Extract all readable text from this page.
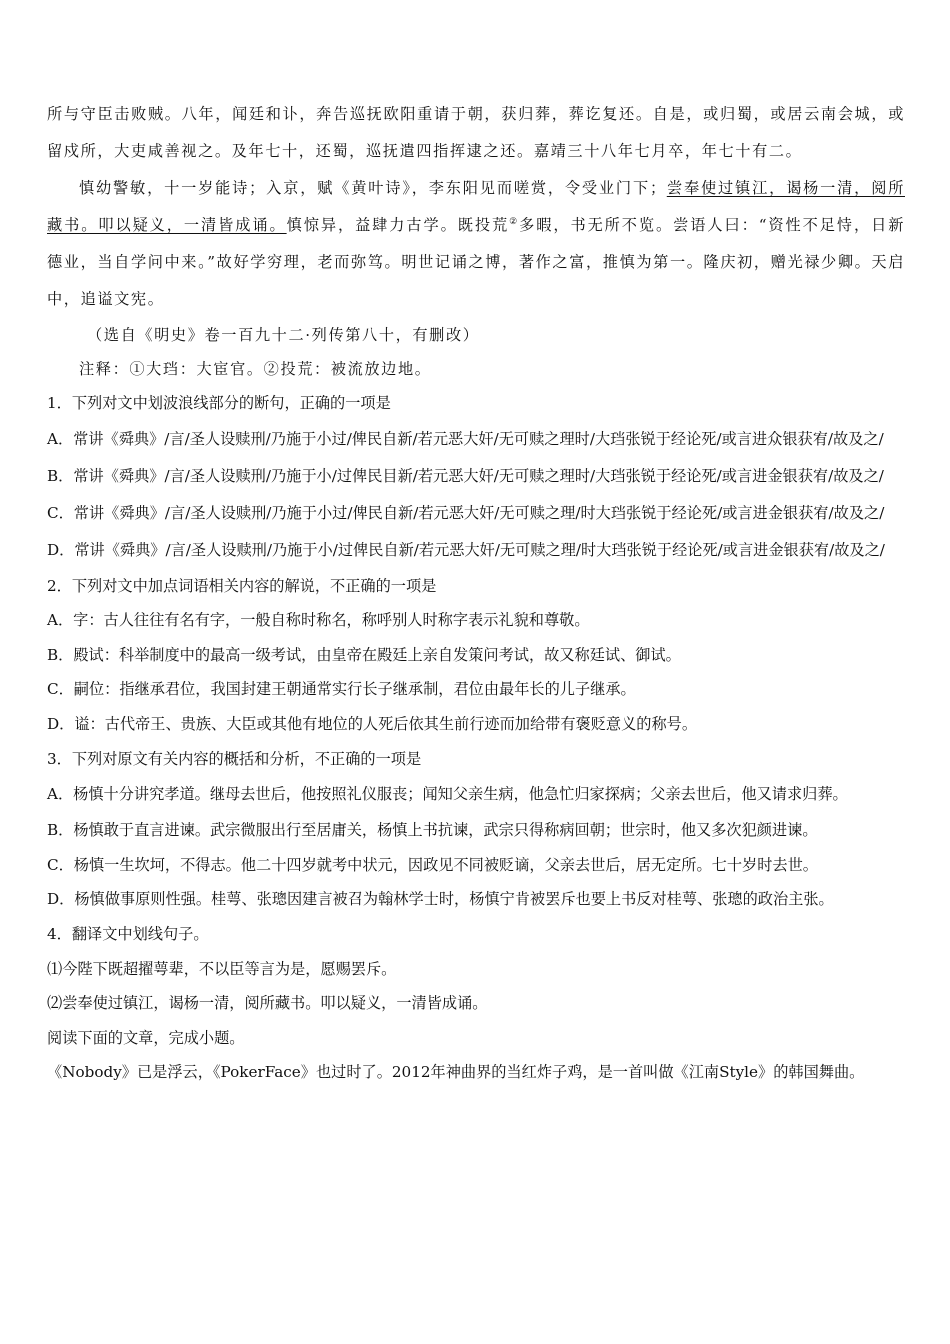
所与守臣击败贼。八年，闻廷和讣，奔告巡抚欧阳重请于朝，获归葬，葬讫复还。自是，或归蜀，或居云南会城，或留戍所，大吏咸善视之。及年七十，还蜀，巡抚遣四指挥逮之还。嘉靖三十八年七月卒，年七十有二。

慎幼警敏，十一岁能诗；入京，赋《黄叶诗》，李东阳见而嗟赏，令受业门下；尝奉使过镇江，谒杨一清，阅所藏书。叩以疑义，一清皆成诵。慎惊异，益肆力古学。既投荒②多暇，书无所不览。尝语人曰：“资性不足恃，日新德业，当自学问中来。”故好学穷理，老而弥笃。明世记诵之博，著作之富，推慎为第一。隆庆初，赠光禄少卿。天启中，追谥文宪。

（选自《明史》卷一百九十二·列传第八十，有删改）

注释：①大珰：大宦官。②投荒：被流放边地。

1．下列对文中划波浪线部分的断句，正确的一项是

A．常讲《舜典》/言/圣人设赎刑/乃施于小过/俾民自新/若元恶大奸/无可赎之理时/大珰张锐于经论死/或言进众银获宥/故及之/

B．常讲《舜典》/言/圣人设赎刑/乃施于小/过俾民目新/若元恶大奸/无可赎之理时/大珰张锐于经论死/或言进金银获宥/故及之/

C．常讲《舜典》/言/圣人设赎刑/乃施于小过/俾民自新/若元恶大奸/无可赎之理/时大珰张锐于经论死/或言进金银获宥/故及之/

D．常讲《舜典》/言/圣人设赎刑/乃施于小/过俾民自新/若元恶大奸/无可赎之理/时大珰张锐于经论死/或言进金银获宥/故及之/

2．下列对文中加点词语相关内容的解说，不正确的一项是

A．字：古人往往有名有字，一般自称时称名，称呼别人时称字表示礼貌和尊敬。

B．殿试：科举制度中的最高一级考试，由皇帝在殿廷上亲自发策问考试，故又称廷试、御试。

C．嗣位：指继承君位，我国封建王朝通常实行长子继承制，君位由最年长的儿子继承。

D．谥：古代帝王、贵族、大臣或其他有地位的人死后依其生前行迹而加给带有褒贬意义的称号。

3．下列对原文有关内容的概括和分析，不正确的一项是

A．杨慎十分讲究孝道。继母去世后，他按照礼仪服丧；闻知父亲生病，他急忙归家探病；父亲去世后，他又请求归葬。

B．杨慎敢于直言进谏。武宗微服出行至居庸关，杨慎上书抗谏，武宗只得称病回朝；世宗时，他又多次犯颜进谏。

C．杨慎一生坎坷，不得志。他二十四岁就考中状元，因政见不同被贬谪，父亲去世后，居无定所。七十岁时去世。

D．杨慎做事原则性强。桂萼、张璁因建言被召为翰林学士时，杨慎宁肯被罢斥也要上书反对桂萼、张璁的政治主张。

4．翻译文中划线句子。

⑴今陛下既超擢萼辈，不以臣等言为是，愿赐罢斥。

⑵尝奉使过镇江，谒杨一清，阅所藏书。叩以疑义，一清皆成诵。

阅读下面的文章，完成小题。

《Nobody》已是浮云，《PokerFace》也过时了。2012年神曲界的当红炸子鸡，是一首叫做《江南Style》的韩国舞曲。
